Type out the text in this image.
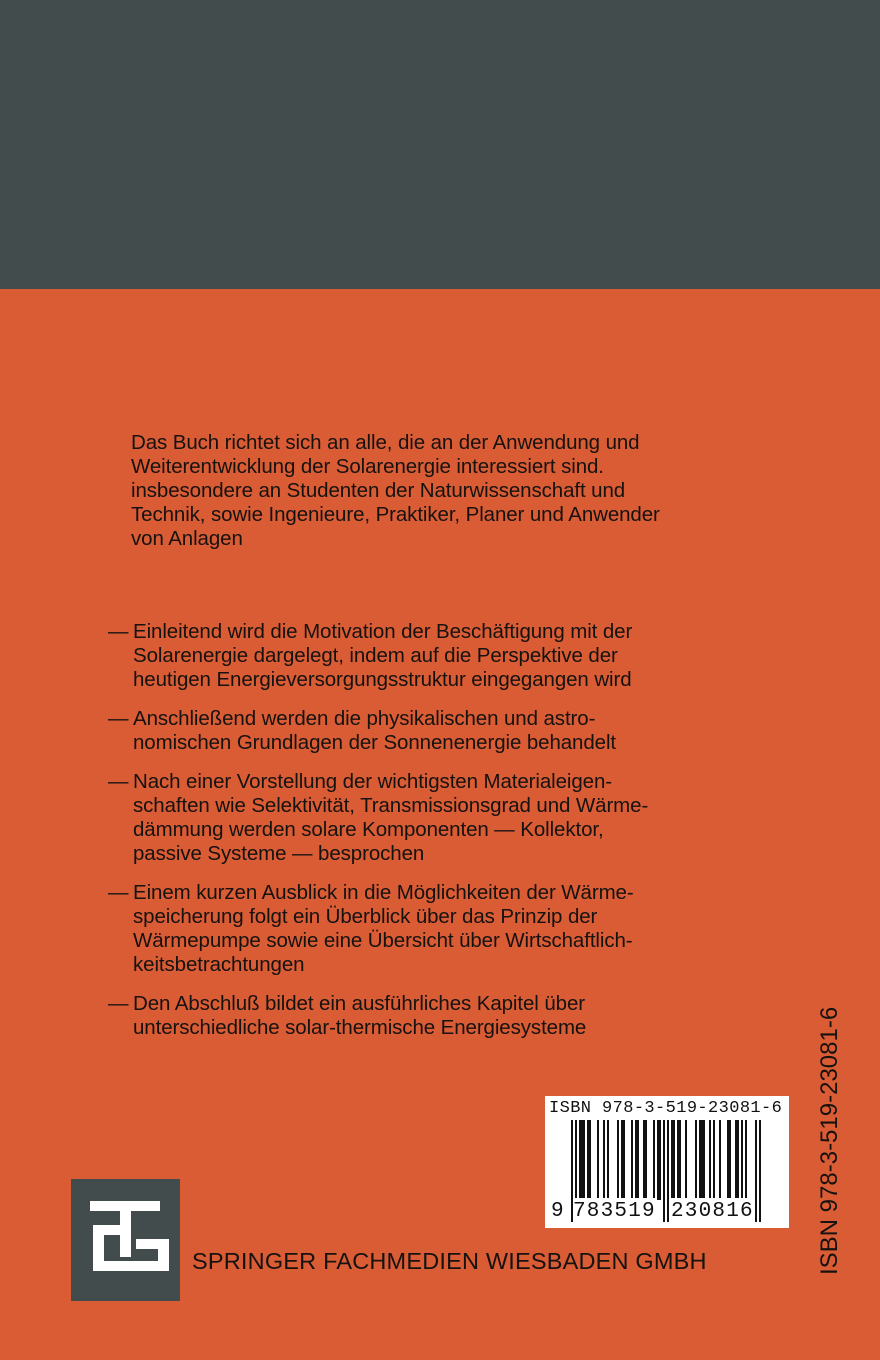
Das Buch richtet sich an alle, die an der Anwendung und
Weiterentwicklung der Solarenergie interessiert sind.
insbesondere an Studenten der Naturwissenschaft und
Technik, sowie Ingenieure, Praktiker, Planer und Anwender
von Anlagen
— Einleitend wird die Motivation der Beschäftigung mit der
Solarenergie dargelegt, indem auf die Perspektive der
heutigen Energieversorgungsstruktur eingegangen wird
— Anschließend werden die physikalischen und astro-
nomischen Grundlagen der Sonnenenergie behandelt
— Nach einer Vorstellung der wichtigsten Materialeigen-
schaften wie Selektivität, Transmissionsgrad und Wärme-
dämmung werden solare Komponenten — Kollektor,
passive Systeme — besprochen
— Einem kurzen Ausblick in die Möglichkeiten der Wärme-
speicherung folgt ein Überblick über das Prinzip der
Wärmepumpe sowie eine Übersicht über Wirtschaftlich-
keitsbetrachtungen
— Den Abschluß bildet ein ausführliches Kapitel über
unterschiedliche solar-thermische Energiesysteme
ISBN 978-3-519-23081-6
9 783519 230816	ISBN 978-3-519-23081-6
SPRINGER FACHMEDIEN WIESBADEN GMBH
